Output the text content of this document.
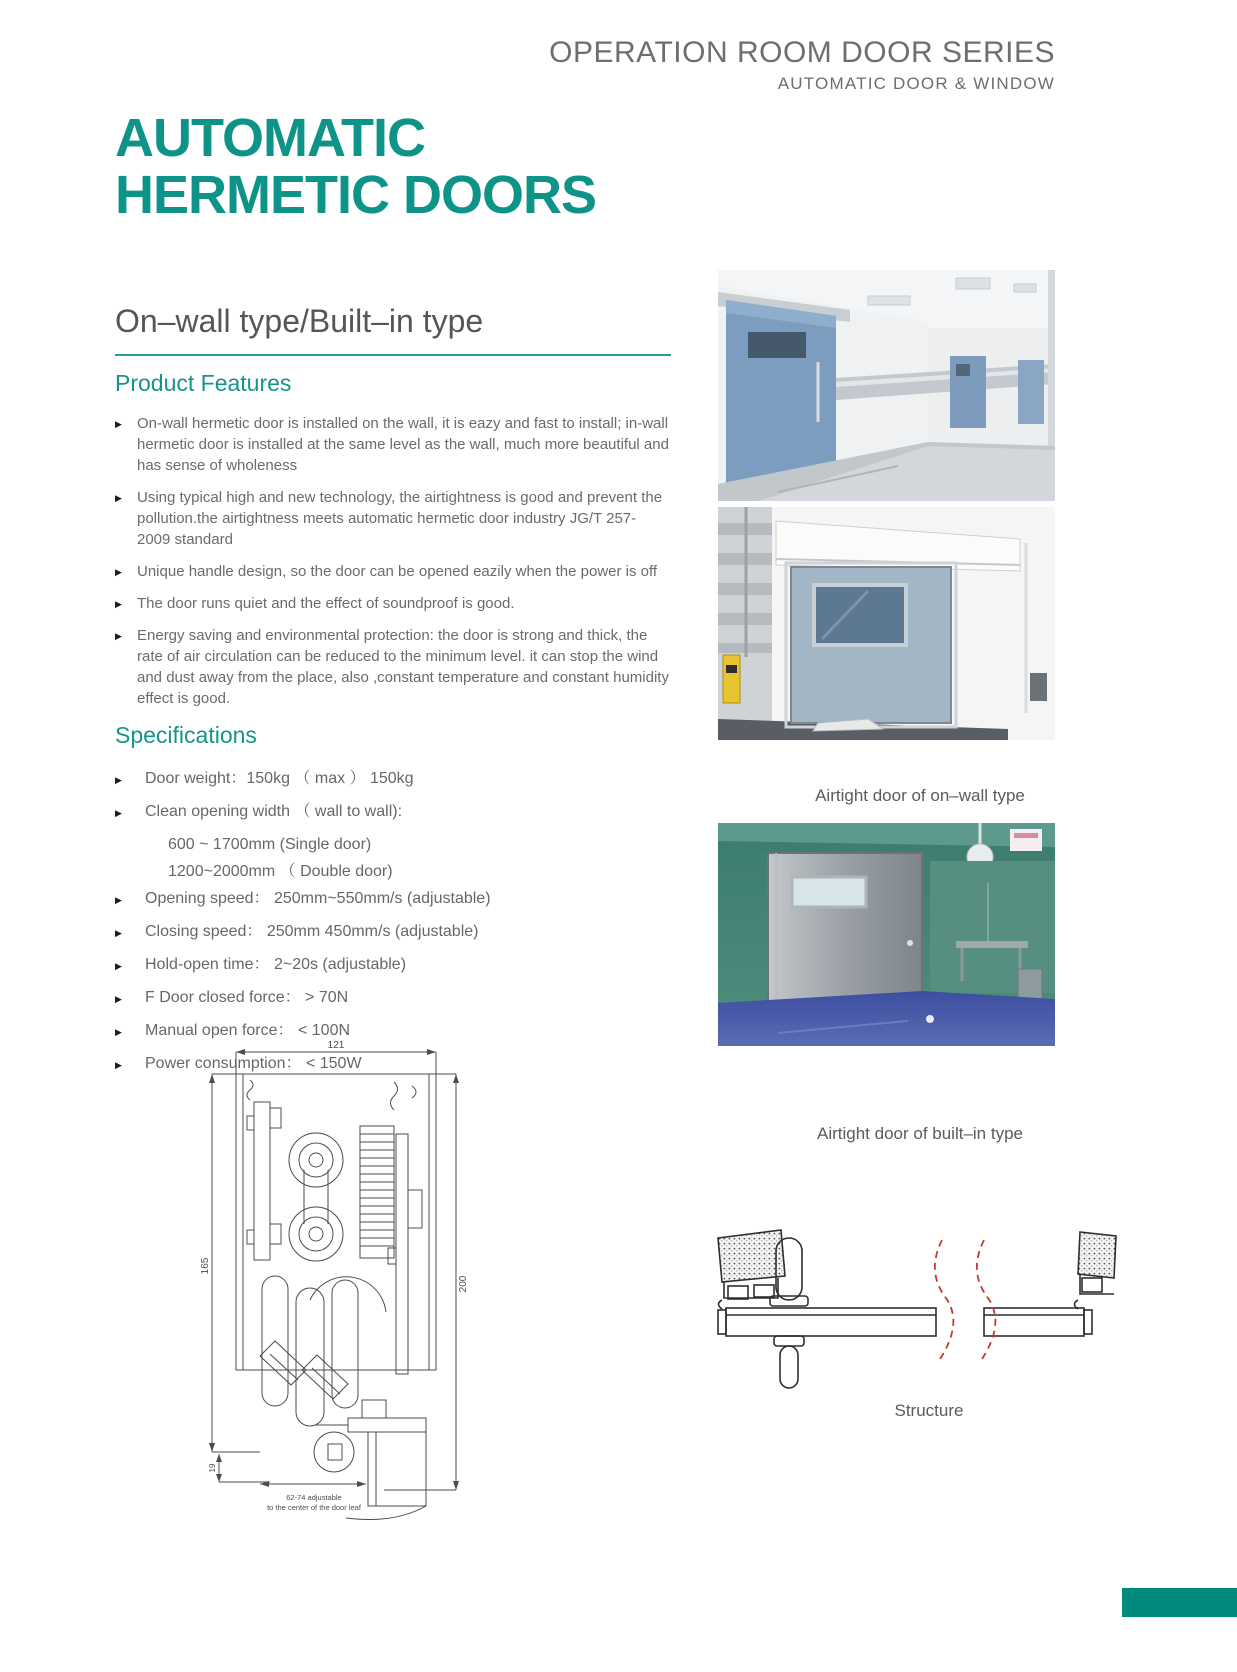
OPERATION ROOM DOOR SERIES
AUTOMATIC DOOR & WINDOW
AUTOMATIC
HERMETIC DOORS
On–wall type/Built–in type
Product Features
▶	On-wall hermetic door is installed on the wall, it is eazy and fast to install; in-wall hermetic door is installed at the same level as the wall, much more beautiful and has sense of wholeness
▶	Using typical high and new technology, the airtightness is good and prevent the pollution.the airtightness meets automatic hermetic door industry JG/T 257-2009 standard
▶	Unique handle design, so the door can be opened eazily when the power is off
▶	The door runs quiet and the effect of soundproof is good.
▶	Energy saving and environmental protection: the door is strong and thick, the rate of air circulation can be reduced to the minimum level. it can stop the wind and dust away from the place, also ,constant temperature and constant humidity effect is good.
Specifications
▶	Door weight：150kg （ max ） 150kg
▶	Clean opening width （ wall to wall):
600 ~ 1700mm (Single door)
1200~2000mm （ Double door)
▶	Opening speed： 250mm~550mm/s (adjustable)
▶	Closing speed： 250mm 450mm/s (adjustable)
▶	Hold-open time： 2~20s (adjustable)
▶	F Door closed force： > 70N
▶	Manual open force： < 100N
▶	Power consumption： < 150W
121
165
200
19
62-74 adjustable
to the center of the door leaf
Airtight door of on–wall type
Airtight door of built–in type
Structure
